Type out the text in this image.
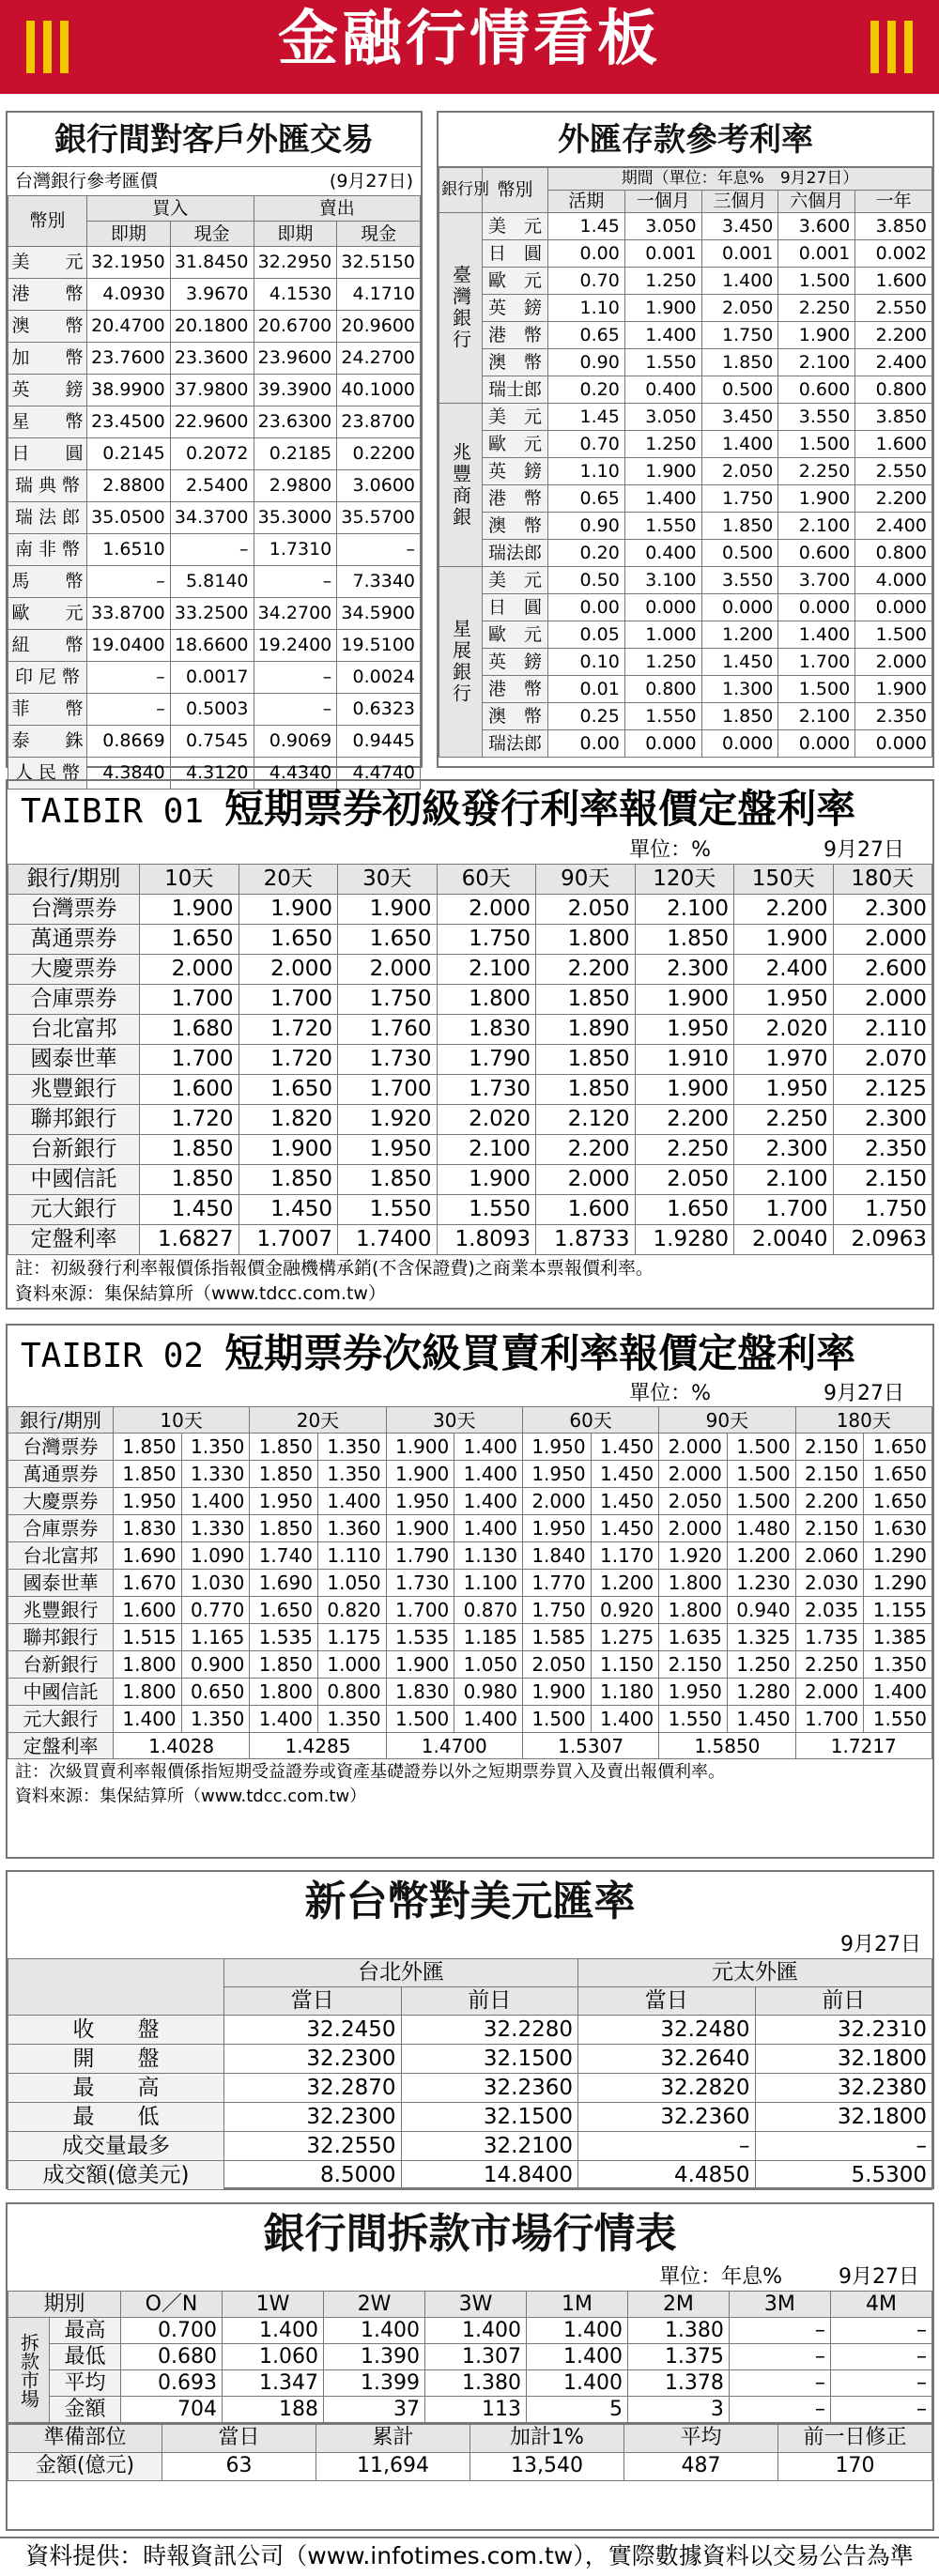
金融行情看板
銀行間對客戶外匯交易
台灣銀行參考匯價	(9月27日)
幣別	買入		賣出	
	即期	現金	即期	現金
美　　元	32.1950	31.8450	32.2950	32.5150
港　　幣	4.0930	3.9670	4.1530	4.1710
澳　　幣	20.4700	20.1800	20.6700	20.9600
加　　幣	23.7600	23.3600	23.9600	24.2700
英　　鎊	38.9900	37.9800	39.3900	40.1000
星　　幣	23.4500	22.9600	23.6300	23.8700
日　　圓	0.2145	0.2072	0.2185	0.2200
瑞 典 幣	2.8800	2.5400	2.9800	3.0600
瑞 法 郎	35.0500	34.3700	35.3000	35.5700
南 非 幣	1.6510	–	1.7310	–
馬　　幣	–	5.8140	–	7.3340
歐　　元	33.8700	33.2500	34.2700	34.5900
紐　　幣	19.0400	18.6600	19.2400	19.5100
印 尼 幣	–	0.0017	–	0.0024
菲　　幣	–	0.5003	–	0.6323
泰　　銖	0.8669	0.7545	0.9069	0.9445
人 民 幣	4.3840	4.3120	4.4340	4.4740
外匯存款參考利率
銀行別	幣別	期間（單位：年息%　9月27日）				
		活期	一個月	三個月	六個月	一年
臺灣銀行	美　元	1.45	3.050	3.450	3.600	3.850
	日　圓	0.00	0.001	0.001	0.001	0.002
	歐　元	0.70	1.250	1.400	1.500	1.600
	英　鎊	1.10	1.900	2.050	2.250	2.550
	港　幣	0.65	1.400	1.750	1.900	2.200
	澳　幣	0.90	1.550	1.850	2.100	2.400
	瑞士郎	0.20	0.400	0.500	0.600	0.800
兆豐商銀	美　元	1.45	3.050	3.450	3.550	3.850
	歐　元	0.70	1.250	1.400	1.500	1.600
	英　鎊	1.10	1.900	2.050	2.250	2.550
	港　幣	0.65	1.400	1.750	1.900	2.200
	澳　幣	0.90	1.550	1.850	2.100	2.400
	瑞法郎	0.20	0.400	0.500	0.600	0.800
星展銀行	美　元	0.50	3.100	3.550	3.700	4.000
	日　圓	0.00	0.000	0.000	0.000	0.000
	歐　元	0.05	1.000	1.200	1.400	1.500
	英　鎊	0.10	1.250	1.450	1.700	2.000
	港　幣	0.01	0.800	1.300	1.500	1.900
	澳　幣	0.25	1.550	1.850	2.100	2.350
	瑞法郎	0.00	0.000	0.000	0.000	0.000
TAIBIR 01 短期票券初級發行利率報價定盤利率
單位：%	9月27日
銀行/期別	10天	20天	30天	60天	90天	120天	150天	180天
台灣票券	1.900	1.900	1.900	2.000	2.050	2.100	2.200	2.300
萬通票券	1.650	1.650	1.650	1.750	1.800	1.850	1.900	2.000
大慶票券	2.000	2.000	2.000	2.100	2.200	2.300	2.400	2.600
合庫票券	1.700	1.700	1.750	1.800	1.850	1.900	1.950	2.000
台北富邦	1.680	1.720	1.760	1.830	1.890	1.950	2.020	2.110
國泰世華	1.700	1.720	1.730	1.790	1.850	1.910	1.970	2.070
兆豐銀行	1.600	1.650	1.700	1.730	1.850	1.900	1.950	2.125
聯邦銀行	1.720	1.820	1.920	2.020	2.120	2.200	2.250	2.300
台新銀行	1.850	1.900	1.950	2.100	2.200	2.250	2.300	2.350
中國信託	1.850	1.850	1.850	1.900	2.000	2.050	2.100	2.150
元大銀行	1.450	1.450	1.550	1.550	1.600	1.650	1.700	1.750
定盤利率	1.6827	1.7007	1.7400	1.8093	1.8733	1.9280	2.0040	2.0963
註：初級發行利率報價係指報價金融機構承銷(不含保證費)之商業本票報價利率。
資料來源：集保結算所（www.tdcc.com.tw）
TAIBIR 02 短期票券次級買賣利率報價定盤利率
單位：%	9月27日
銀行/期別	10天		20天		30天		60天		90天		180天	
台灣票券	1.850	1.350	1.850	1.350	1.900	1.400	1.950	1.450	2.000	1.500	2.150	1.650
萬通票券	1.850	1.330	1.850	1.350	1.900	1.400	1.950	1.450	2.000	1.500	2.150	1.650
大慶票券	1.950	1.400	1.950	1.400	1.950	1.400	2.000	1.450	2.050	1.500	2.200	1.650
合庫票券	1.830	1.330	1.850	1.360	1.900	1.400	1.950	1.450	2.000	1.480	2.150	1.630
台北富邦	1.690	1.090	1.740	1.110	1.790	1.130	1.840	1.170	1.920	1.200	2.060	1.290
國泰世華	1.670	1.030	1.690	1.050	1.730	1.100	1.770	1.200	1.800	1.230	2.030	1.290
兆豐銀行	1.600	0.770	1.650	0.820	1.700	0.870	1.750	0.920	1.800	0.940	2.035	1.155
聯邦銀行	1.515	1.165	1.535	1.175	1.535	1.185	1.585	1.275	1.635	1.325	1.735	1.385
台新銀行	1.800	0.900	1.850	1.000	1.900	1.050	2.050	1.150	2.150	1.250	2.250	1.350
中國信託	1.800	0.650	1.800	0.800	1.830	0.980	1.900	1.180	1.950	1.280	2.000	1.400
元大銀行	1.400	1.350	1.400	1.350	1.500	1.400	1.500	1.400	1.550	1.450	1.700	1.550
定盤利率	1.4028		1.4285		1.4700		1.5307		1.5850		1.7217	
註：次級買賣利率報價係指短期受益證券或資產基礎證券以外之短期票券買入及賣出報價利率。
資料來源：集保結算所（www.tdcc.com.tw）
新台幣對美元匯率
9月27日
	台北外匯		元太外匯	
	當日	前日	當日	前日
收　　盤	32.2450	32.2280	32.2480	32.2310
開　　盤	32.2300	32.1500	32.2640	32.1800
最　　高	32.2870	32.2360	32.2820	32.2380
最　　低	32.2300	32.1500	32.2360	32.1800
成交量最多	32.2550	32.2100	–	–
成交額(億美元)	8.5000	14.8400	4.4850	5.5300
銀行間拆款市場行情表
單位：年息%	9月27日
期別		O／N	1W	2W	3W	1M	2M	3M	4M
拆款市場	最高	0.700	1.400	1.400	1.400	1.400	1.380	–	–
	最低	0.680	1.060	1.390	1.307	1.400	1.375	–	–
	平均	0.693	1.347	1.399	1.380	1.400	1.378	–	–
	金額	704	188	37	113	5	3	–	–
準備部位	當日	累計	加計1%	平均	前一日修正
金額(億元)	63	11,694	13,540	487	170
資料提供：時報資訊公司（www.infotimes.com.tw），實際數據資料以交易公告為準
